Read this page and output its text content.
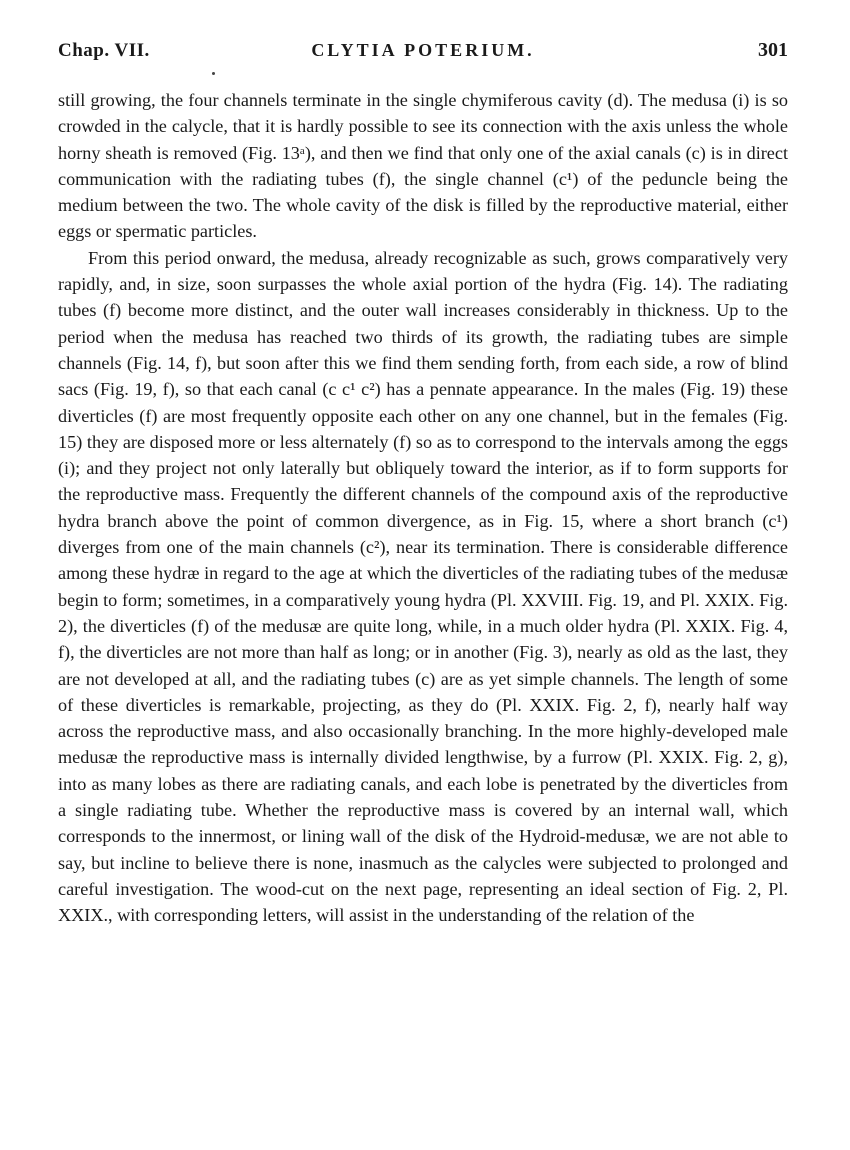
Chap. VII.	CLYTIA POTERIUM.	301

still growing, the four channels terminate in the single chymiferous cavity (d). The medusa (i) is so crowded in the calycle, that it is hardly possible to see its connection with the axis unless the whole horny sheath is removed (Fig. 13ᵃ), and then we find that only one of the axial canals (c) is in direct communication with the radiating tubes (f), the single channel (c¹) of the peduncle being the medium between the two. The whole cavity of the disk is filled by the reproductive material, either eggs or spermatic particles.

From this period onward, the medusa, already recognizable as such, grows comparatively very rapidly, and, in size, soon surpasses the whole axial portion of the hydra (Fig. 14). The radiating tubes (f) become more distinct, and the outer wall increases considerably in thickness. Up to the period when the medusa has reached two thirds of its growth, the radiating tubes are simple channels (Fig. 14, f), but soon after this we find them sending forth, from each side, a row of blind sacs (Fig. 19, f), so that each canal (c c¹ c²) has a pennate appearance. In the males (Fig. 19) these diverticles (f) are most frequently opposite each other on any one channel, but in the females (Fig. 15) they are disposed more or less alternately (f) so as to correspond to the intervals among the eggs (i); and they project not only laterally but obliquely toward the interior, as if to form supports for the reproductive mass. Frequently the different channels of the compound axis of the reproductive hydra branch above the point of common divergence, as in Fig. 15, where a short branch (c¹) diverges from one of the main channels (c²), near its termination. There is considerable difference among these hydræ in regard to the age at which the diverticles of the radiating tubes of the medusæ begin to form; sometimes, in a comparatively young hydra (Pl. XXVIII. Fig. 19, and Pl. XXIX. Fig. 2), the diverticles (f) of the medusæ are quite long, while, in a much older hydra (Pl. XXIX. Fig. 4, f), the diverticles are not more than half as long; or in another (Fig. 3), nearly as old as the last, they are not developed at all, and the radiating tubes (c) are as yet simple channels. The length of some of these diverticles is remarkable, projecting, as they do (Pl. XXIX. Fig. 2, f), nearly half way across the reproductive mass, and also occasionally branching. In the more highly-developed male medusæ the reproductive mass is internally divided lengthwise, by a furrow (Pl. XXIX. Fig. 2, g), into as many lobes as there are radiating canals, and each lobe is penetrated by the diverticles from a single radiating tube. Whether the reproductive mass is covered by an internal wall, which corresponds to the innermost, or lining wall of the disk of the Hydroid-medusæ, we are not able to say, but incline to believe there is none, inasmuch as the calycles were subjected to prolonged and careful investigation. The wood-cut on the next page, representing an ideal section of Fig. 2, Pl. XXIX., with corresponding letters, will assist in the understanding of the relation of the
